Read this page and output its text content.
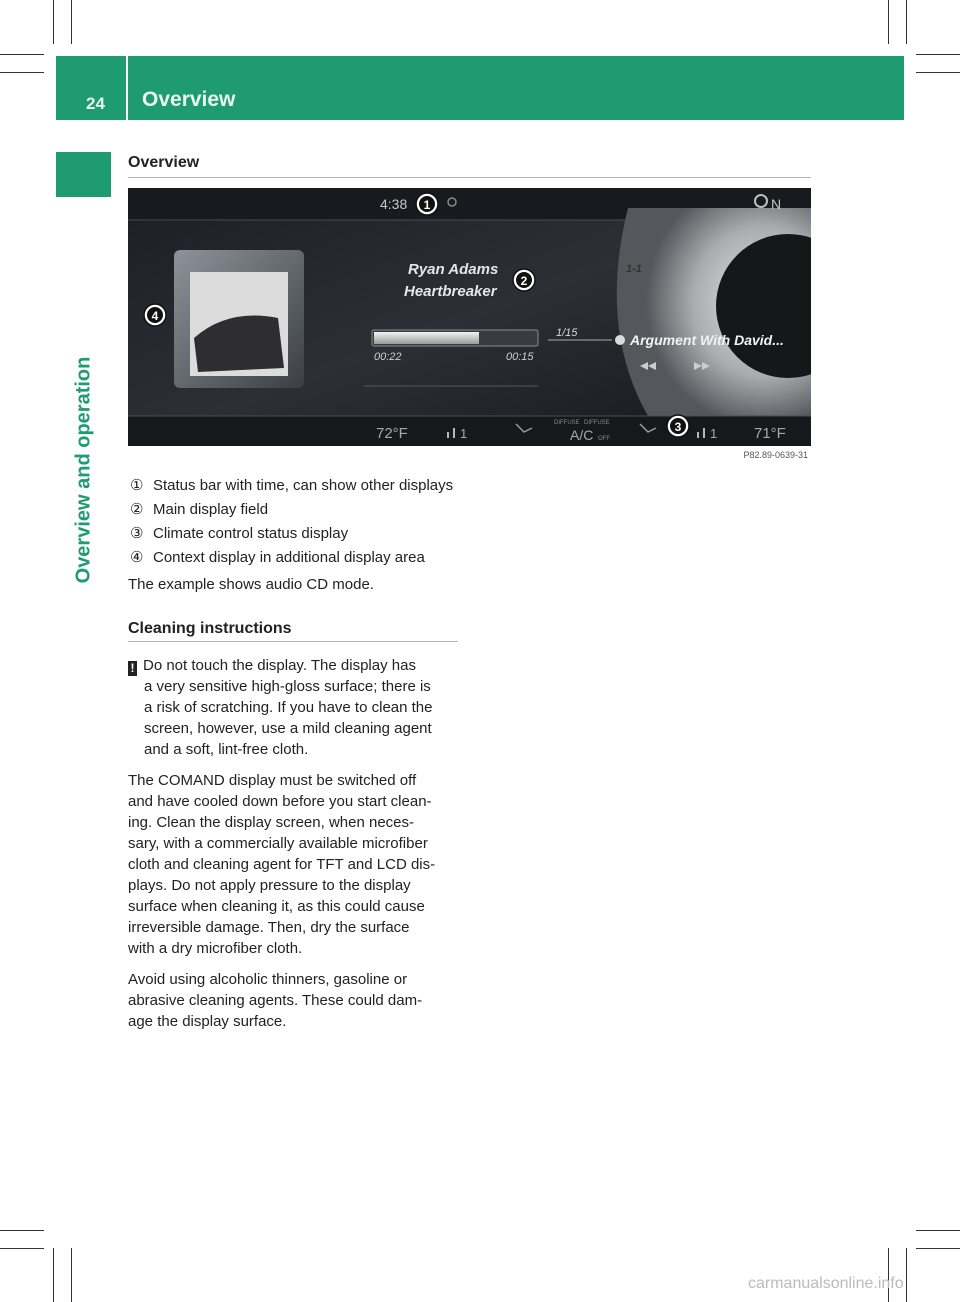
24 Overview
Overview and operation
Overview
1
2
3
4
4:38	N
Ryan Adams
Heartbreaker
1-1
1/15	Argument With David...
00:22	00:15
72°F	1
DIFFUSE DIFFUSE
A/C OFF	1 71°F
P82.89-0639-31
① Status bar with time, can show other displays
② Main display field
③ Climate control status display
④ Context display in additional display area
The example shows audio CD mode.
Cleaning instructions
! Do not touch the display. The display has
a very sensitive high-gloss surface; there is
a risk of scratching. If you have to clean the
screen, however, use a mild cleaning agent
and a soft, lint-free cloth.
The COMAND display must be switched off
and have cooled down before you start clean-
ing. Clean the display screen, when neces-
sary, with a commercially available microfiber
cloth and cleaning agent for TFT and LCD dis-
plays. Do not apply pressure to the display
surface when cleaning it, as this could cause
irreversible damage. Then, dry the surface
with a dry microfiber cloth.
Avoid using alcoholic thinners, gasoline or
abrasive cleaning agents. These could dam-
age the display surface.
carmanualsonline.info
